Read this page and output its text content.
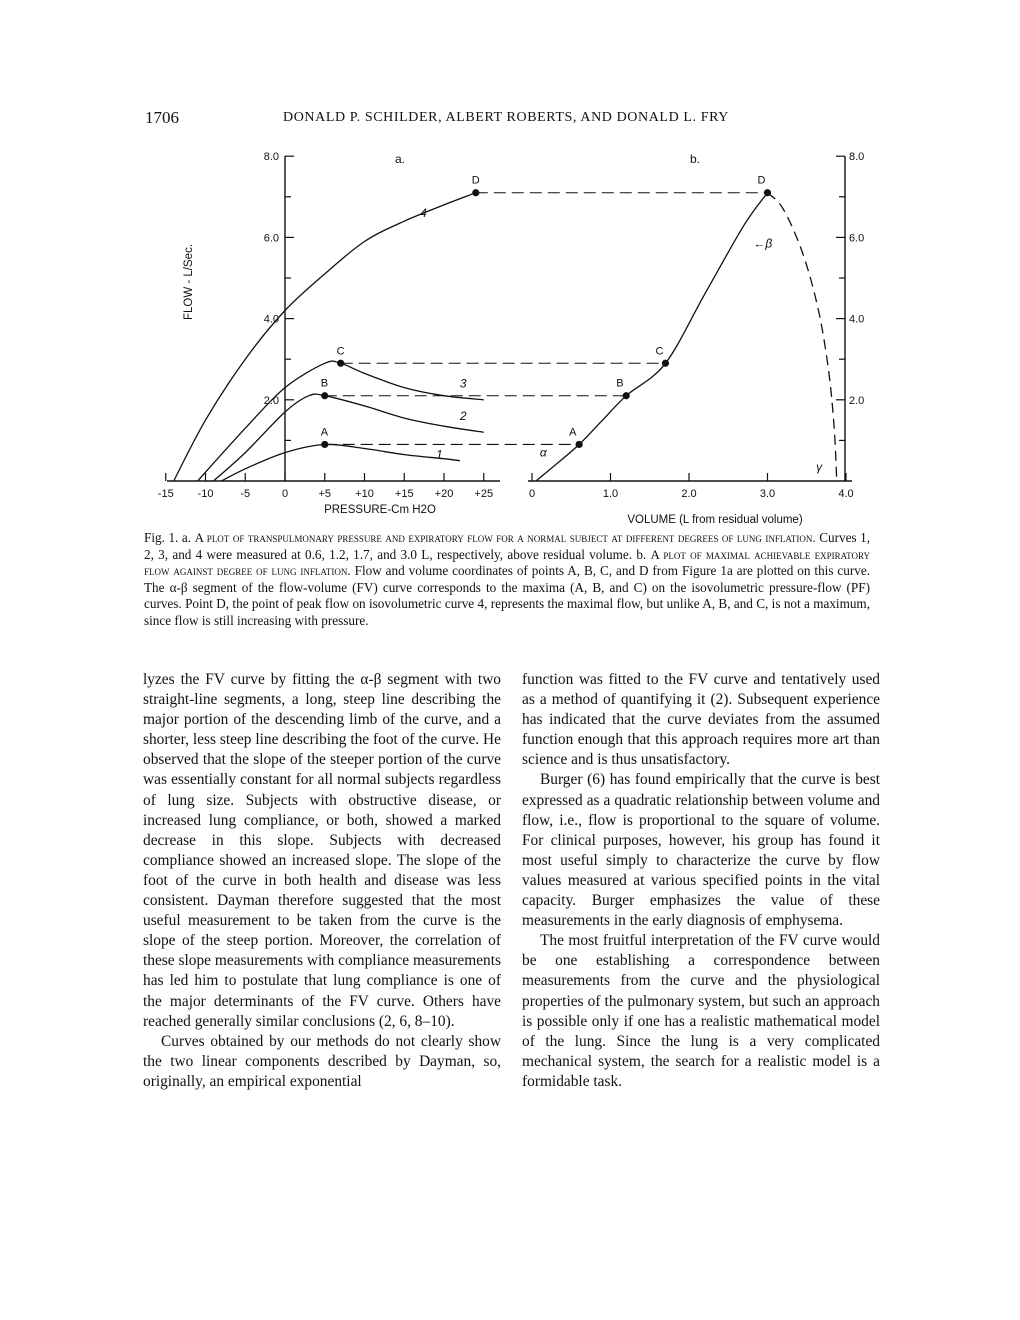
1706	DONALD P. SCHILDER, ALBERT ROBERTS, AND DONALD L. FRY
8.0
6.0
4.0
2.0
8.0
6.0
4.0
2.0
-15 -10 -5	0	+5 +10 +15 +20 +25	0	1.0	2.0	3.0	4.0
PRESSURE-Cm H2O
VOLUME (L from residual volume)
FLOW - L/Sec.
a.	b.
1
2
3
4
A
B
C
D
A
B
C
D
α
←β
γ
Fig. 1. a. A plot of transpulmonary pressure and expiratory flow for a normal subject at different degrees of lung inflation. Curves 1, 2, 3, and 4 were measured at 0.6, 1.2, 1.7, and 3.0 L, respectively, above residual volume. b. A plot of maximal achievable expiratory flow against degree of lung inflation. Flow and volume coordinates of points A, B, C, and D from Figure 1a are plotted on this curve. The α-β segment of the flow-volume (FV) curve corresponds to the maxima (A, B, and C) on the isovolumetric pressure-flow (PF) curves. Point D, the point of peak flow on isovolumetric curve 4, represents the maximal flow, but unlike A, B, and C, is not a maximum, since flow is still increasing with pressure.

lyzes the FV curve by fitting the α-β segment with two straight-line segments, a long, steep line describing the major portion of the descending limb of the curve, and a shorter, less steep line describing the foot of the curve. He observed that the slope of the steeper portion of the curve was essentially constant for all normal subjects regardless of lung size. Subjects with obstructive disease, or increased lung compliance, or both, showed a marked decrease in this slope. Subjects with decreased compliance showed an increased slope. The slope of the foot of the curve in both health and disease was less consistent. Dayman therefore suggested that the most useful measurement to be taken from the curve is the slope of the steep portion. Moreover, the correlation of these slope measurements with compliance measurements has led him to postulate that lung compliance is one of the major determinants of the FV curve. Others have reached generally similar conclusions (2, 6, 8–10).

Curves obtained by our methods do not clearly show the two linear components described by Dayman, so, originally, an empirical exponential

function was fitted to the FV curve and tentatively used as a method of quantifying it (2). Subsequent experience has indicated that the curve deviates from the assumed function enough that this approach requires more art than science and is thus unsatisfactory.

Burger (6) has found empirically that the curve is best expressed as a quadratic relationship between volume and flow, i.e., flow is proportional to the square of volume. For clinical purposes, however, his group has found it most useful simply to characterize the curve by flow values measured at various specified points in the vital capacity. Burger emphasizes the value of these measurements in the early diagnosis of emphysema.

The most fruitful interpretation of the FV curve would be one establishing a correspondence between measurements from the curve and the physiological properties of the pulmonary system, but such an approach is possible only if one has a realistic mathematical model of the lung. Since the lung is a very complicated mechanical system, the search for a realistic model is a formidable task.
